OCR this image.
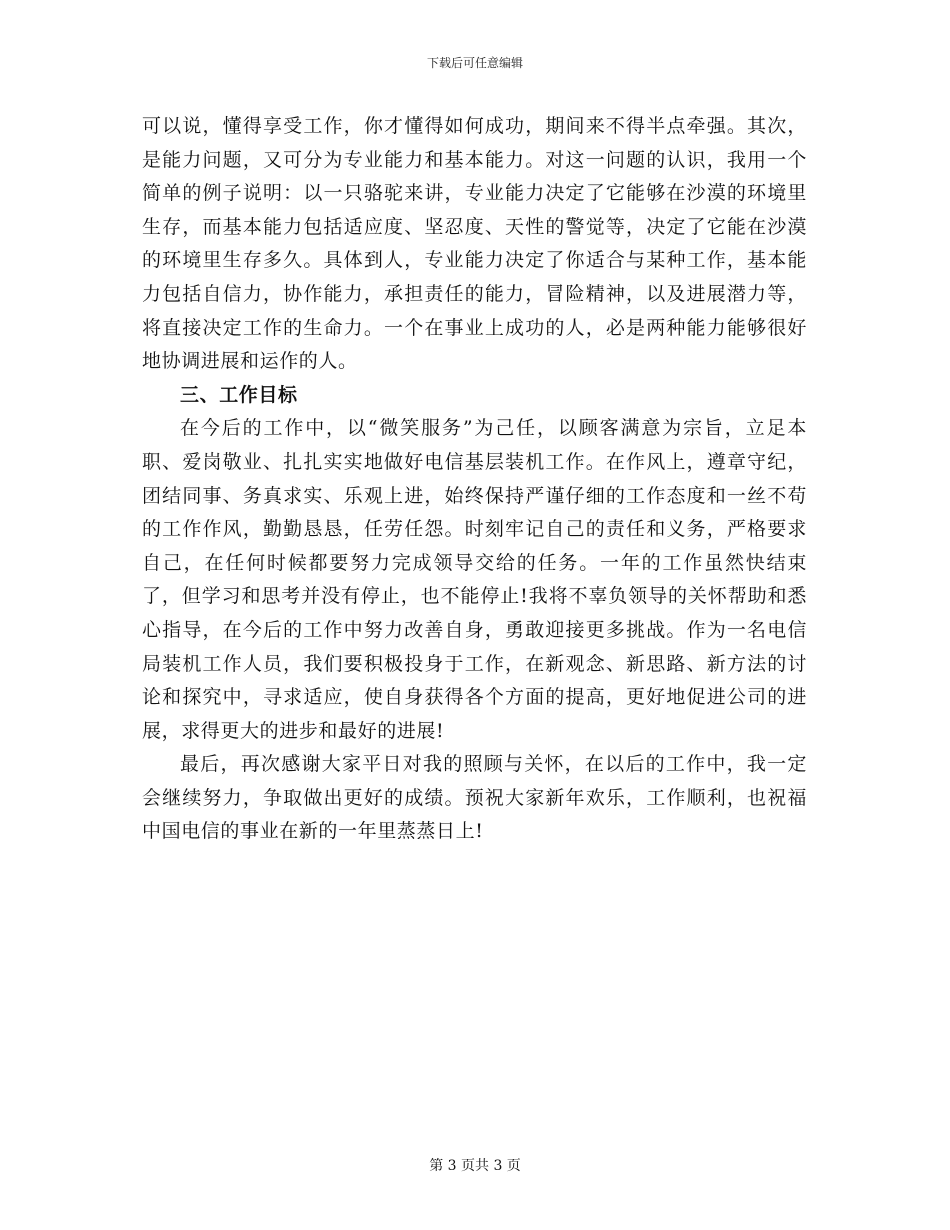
下载后可任意编辑

可以说，懂得享受工作，你才懂得如何成功，期间来不得半点牵强。其次，是能力问题，又可分为专业能力和基本能力。对这一问题的认识，我用一个简单的例子说明：以一只骆驼来讲，专业能力决定了它能够在沙漠的环境里生存，而基本能力包括适应度、坚忍度、天性的警觉等，决定了它能在沙漠的环境里生存多久。具体到人，专业能力决定了你适合与某种工作，基本能力包括自信力，协作能力，承担责任的能力，冒险精神，以及进展潜力等，将直接决定工作的生命力。一个在事业上成功的人，必是两种能力能够很好地协调进展和运作的人。

三、工作目标

在今后的工作中，以“微笑服务”为己任，以顾客满意为宗旨，立足本职、爱岗敬业、扎扎实实地做好电信基层装机工作。在作风上，遵章守纪，团结同事、务真求实、乐观上进，始终保持严谨仔细的工作态度和一丝不苟的工作作风，勤勤恳恳，任劳任怨。时刻牢记自己的责任和义务，严格要求自己，在任何时候都要努力完成领导交给的任务。一年的工作虽然快结束了，但学习和思考并没有停止，也不能停止!我将不辜负领导的关怀帮助和悉心指导，在今后的工作中努力改善自身，勇敢迎接更多挑战。作为一名电信局装机工作人员，我们要积极投身于工作，在新观念、新思路、新方法的讨论和探究中，寻求适应，使自身获得各个方面的提高，更好地促进公司的进展，求得更大的进步和最好的进展!

最后，再次感谢大家平日对我的照顾与关怀，在以后的工作中，我一定会继续努力，争取做出更好的成绩。预祝大家新年欢乐，工作顺利，也祝福中国电信的事业在新的一年里蒸蒸日上!

第 3 页共 3 页
